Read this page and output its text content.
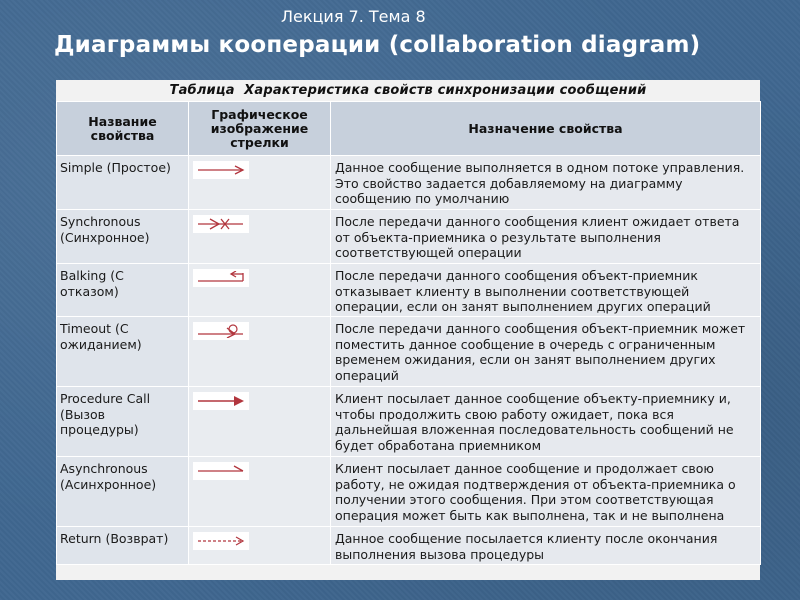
Лекция 7. Тема 8
Диаграммы кооперации (collaboration diagram)
Таблица Характеристика свойств синхронизации сообщений
Название свойства	Графическое изображение стрелки	Назначение свойства
Simple (Простое)		Данное сообщение выполняется в одном потоке управления. Это свойство задается добавляемому на диаграмму сообщению по умолчанию
Synchronous (Синхронное)		После передачи данного сообщения клиент ожидает ответа от объекта-приемника о результате выполнения соответствующей операции
Balking (С отказом)		После передачи данного сообщения объект-приемник отказывает клиенту в выполнении соответствующей операции, если он занят выполнением других операций
Timeout (С ожиданием)		После передачи данного сообщения объект-приемник может поместить данное сообщение в очередь с ограниченным временем ожидания, если он занят выполнением других операций
Procedure Call (Вызов процедуры)		Клиент посылает данное сообщение объекту-приемнику и, чтобы продолжить свою работу ожидает, пока вся дальнейшая вложенная последовательность сообщений не будет обработана приемником
Asynchronous (Асинхронное)		Клиент посылает данное сообщение и продолжает свою работу, не ожидая подтверждения от объекта-приемника о получении этого сообщения. При этом соответствующая операция может быть как выполнена, так и не выполнена
Return (Возврат)		Данное сообщение посылается клиенту после окончания выполнения вызова процедуры
